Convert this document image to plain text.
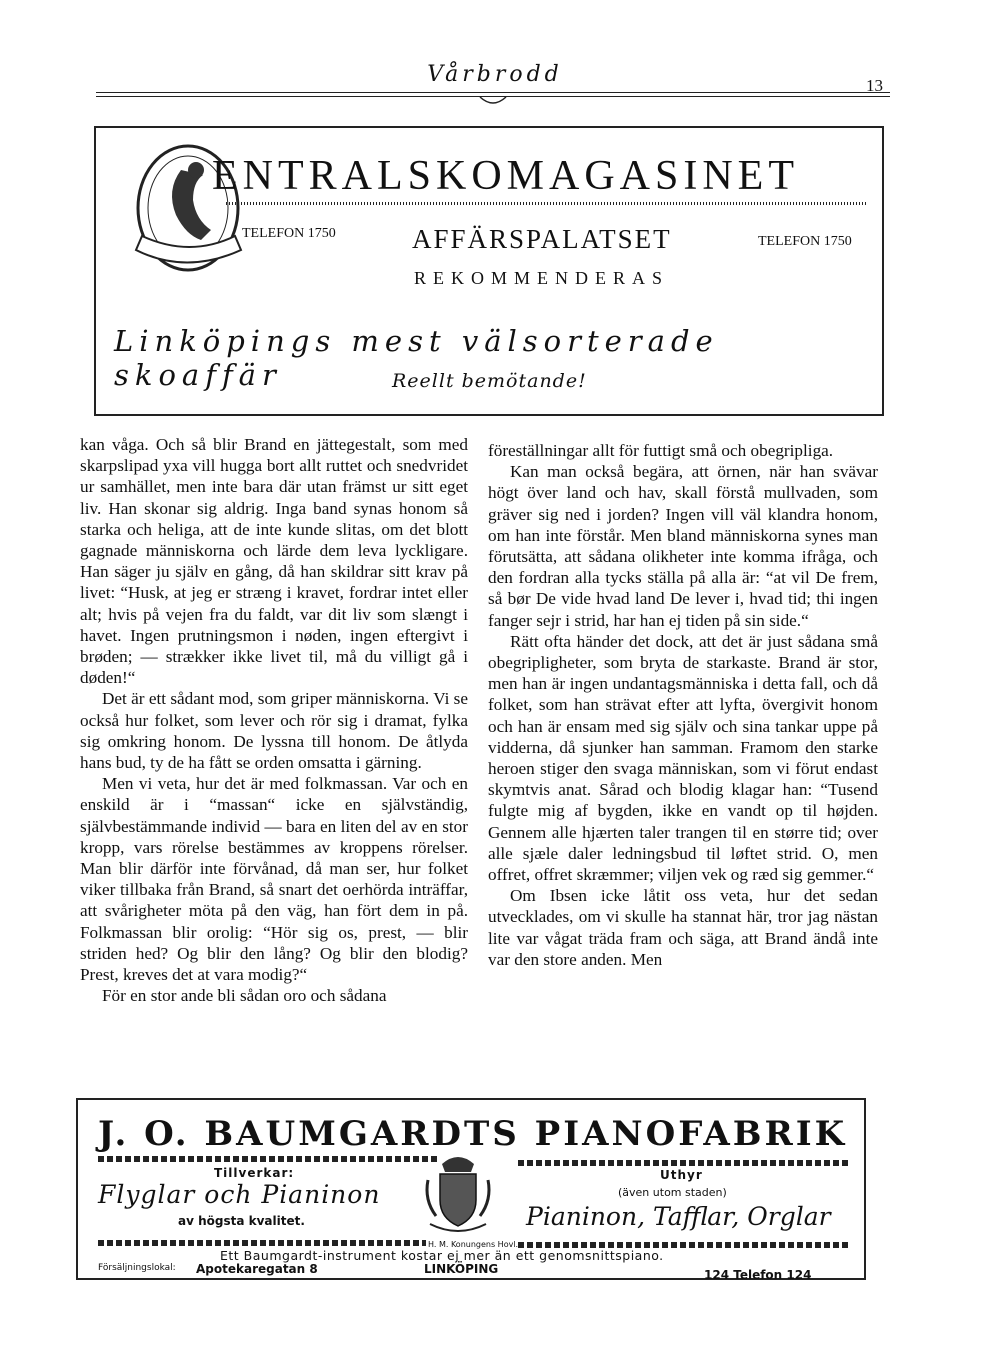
Vårbrodd	13
ENTRALSKOMAGASINET
TELEFON 1750
TELEFON 1750
AFFÄRSPALATSET
REKOMMENDERAS
Linköpings mest välsorterade skoaffär	Reellt bemötande!

kan våga. Och så blir Brand en jättegestalt, som med skarpslipad yxa vill hugga bort allt ruttet och snedvridet ur samhället, men inte bara där utan främst ur sitt eget liv. Han skonar sig aldrig. Inga band synas honom så starka och heliga, att de inte kunde slitas, om det blott gagnade människorna och lärde dem leva lyckligare. Han säger ju själv en gång, då han skildrar sitt krav på livet: “Husk, at jeg er stræng i kravet, fordrar intet eller alt; hvis på vejen fra du faldt, var dit liv som slængt i havet. Ingen prutningsmon i nøden, ingen eftergivt i brøden; — strækker ikke livet til, må du villigt gå i døden!“

Det är ett sådant mod, som griper människorna. Vi se också hur folket, som lever och rör sig i dramat, fylka sig omkring honom. De lyssna till honom. De åtlyda hans bud, ty de ha fått se orden omsatta i gärning.

Men vi veta, hur det är med folkmassan. Var och en enskild är i “massan“ icke en självständig, självbestämmande individ — bara en liten del av en stor kropp, vars rörelse bestämmes av kroppens rörelser. Man blir därför inte förvånad, då man ser, hur folket viker tillbaka från Brand, så snart det oerhörda inträffar, att svårigheter möta på den väg, han fört dem in på. Folkmassan blir orolig: “Hör sig os, prest, — blir striden hed? Og blir den lång? Og blir den blodig? Prest, kreves det at vara modig?“

För en stor ande bli sådan oro och sådana

föreställningar allt för futtigt små och obegripliga.

Kan man också begära, att örnen, när han svävar högt över land och hav, skall förstå mullvaden, som gräver sig ned i jorden? Ingen vill väl klandra honom, om han inte förstår. Men bland människorna synes man förutsätta, att sådana olikheter inte komma ifråga, och den fordran alla tycks ställa på alla är: “at vil De frem, så bør De vide hvad land De lever i, hvad tid; thi ingen fanger sejr i strid, har han ej tiden på sin side.“

Rätt ofta händer det dock, att det är just sådana små obegripligheter, som bryta de starkaste. Brand är stor, men han är ingen undantagsmänniska i detta fall, och då folket, som han strävat efter att lyfta, övergivit honom och han är ensam med sig själv och sina tankar uppe på vidderna, då sjunker han samman. Framom den starke heroen stiger den svaga människan, som vi förut endast skymtvis anat. Sårad och blodig klagar han: “Tusend fulgte mig af bygden, ikke en vandt op til højden. Gennem alle hjærten taler trangen til en større tid; over alle sjæle daler ledningsbud til løftet strid. O, men offret, offret skræmmer; viljen vek og ræd sig gemmer.“

Om Ibsen icke låtit oss veta, hur det sedan utvecklades, om vi skulle ha stannat här, tror jag nästan lite var vågat träda fram och säga, att Brand ändå inte var den store anden. Men

J. O. BAUMGARDTS PIANOFABRIK
Tillverkar:
Flyglar och Pianinon
av högsta kvalitet.
Uthyr
(även utom staden)
Pianinon, Tafflar, Orglar
H. M. Konungens Hovl.
Ett Baumgardt-instrument kostar ej mer än ett genomsnittspiano.
Försäljningslokal: Apotekaregatan 8	LINKÖPING	124 Telefon 124
